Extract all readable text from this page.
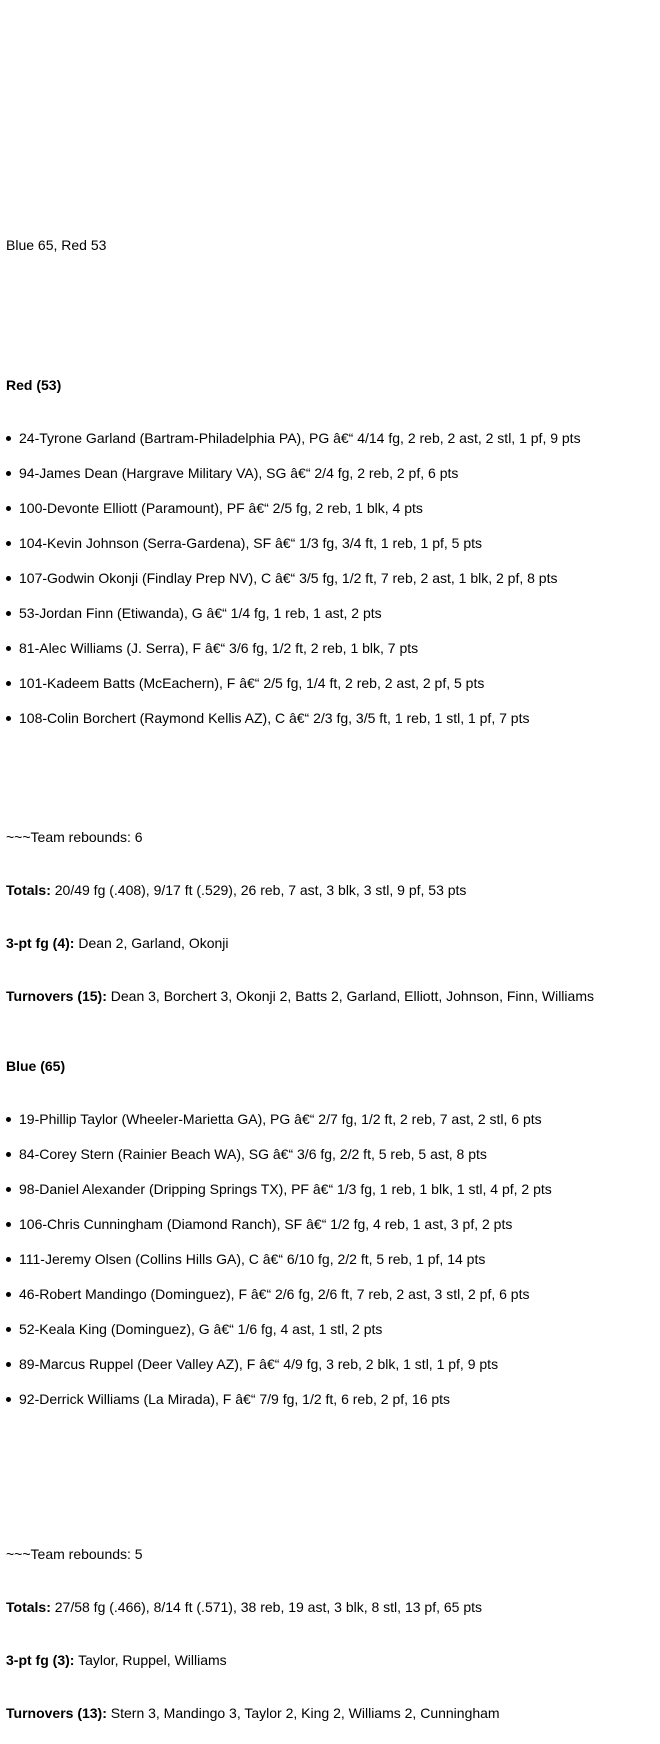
Blue 65, Red 53
Red (53)
24-Tyrone Garland (Bartram-Philadelphia PA), PG â€“ 4/14 fg, 2 reb, 2 ast, 2 stl, 1 pf, 9 pts
94-James Dean (Hargrave Military VA), SG â€“ 2/4 fg, 2 reb, 2 pf, 6 pts
100-Devonte Elliott (Paramount), PF â€“ 2/5 fg, 2 reb, 1 blk, 4 pts
104-Kevin Johnson (Serra-Gardena), SF â€“ 1/3 fg, 3/4 ft, 1 reb, 1 pf, 5 pts
107-Godwin Okonji (Findlay Prep NV), C â€“ 3/5 fg, 1/2 ft, 7 reb, 2 ast, 1 blk, 2 pf, 8 pts
53-Jordan Finn (Etiwanda), G â€“ 1/4 fg, 1 reb, 1 ast, 2 pts
81-Alec Williams (J. Serra), F â€“ 3/6 fg, 1/2 ft, 2 reb, 1 blk, 7 pts
101-Kadeem Batts (McEachern), F â€“ 2/5 fg, 1/4 ft, 2 reb, 2 ast, 2 pf, 5 pts
108-Colin Borchert (Raymond Kellis AZ), C â€“ 2/3 fg, 3/5 ft, 1 reb, 1 stl, 1 pf, 7 pts
~~~Team rebounds: 6
Totals: 20/49 fg (.408), 9/17 ft (.529), 26 reb, 7 ast, 3 blk, 3 stl, 9 pf, 53 pts
3-pt fg (4): Dean 2, Garland, Okonji
Turnovers (15): Dean 3, Borchert 3, Okonji 2, Batts 2, Garland, Elliott, Johnson, Finn, Williams
Blue (65)
19-Phillip Taylor (Wheeler-Marietta GA), PG â€“ 2/7 fg, 1/2 ft, 2 reb, 7 ast, 2 stl, 6 pts
84-Corey Stern (Rainier Beach WA), SG â€“ 3/6 fg, 2/2 ft, 5 reb, 5 ast, 8 pts
98-Daniel Alexander (Dripping Springs TX), PF â€“ 1/3 fg, 1 reb, 1 blk, 1 stl, 4 pf, 2 pts
106-Chris Cunningham (Diamond Ranch), SF â€“ 1/2 fg, 4 reb, 1 ast, 3 pf, 2 pts
111-Jeremy Olsen (Collins Hills GA), C â€“ 6/10 fg, 2/2 ft, 5 reb, 1 pf, 14 pts
46-Robert Mandingo (Dominguez), F â€“ 2/6 fg, 2/6 ft, 7 reb, 2 ast, 3 stl, 2 pf, 6 pts
52-Keala King (Dominguez), G â€“ 1/6 fg, 4 ast, 1 stl, 2 pts
89-Marcus Ruppel (Deer Valley AZ), F â€“ 4/9 fg, 3 reb, 2 blk, 1 stl, 1 pf, 9 pts
92-Derrick Williams (La Mirada), F â€“ 7/9 fg, 1/2 ft, 6 reb, 2 pf, 16 pts
~~~Team rebounds: 5
Totals: 27/58 fg (.466), 8/14 ft (.571), 38 reb, 19 ast, 3 blk, 8 stl, 13 pf, 65 pts
3-pt fg (3): Taylor, Ruppel, Williams
Turnovers (13): Stern 3, Mandingo 3, Taylor 2, King 2, Williams 2, Cunningham
